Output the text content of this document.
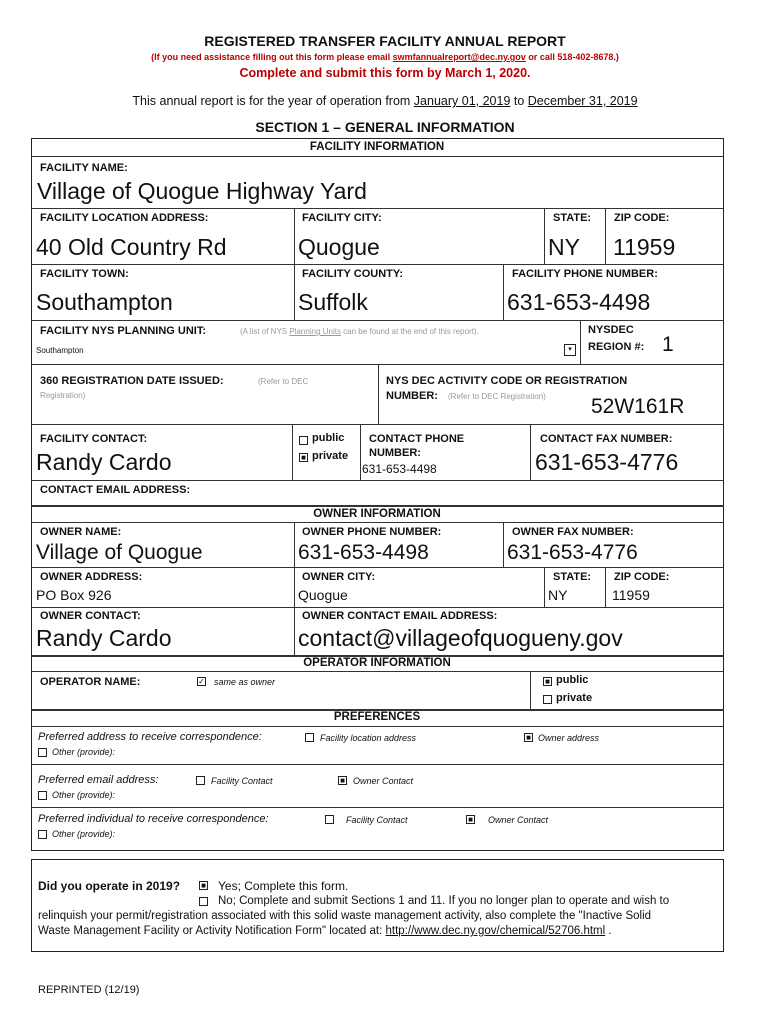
REGISTERED TRANSFER FACILITY ANNUAL REPORT
(If you need assistance filling out this form please email swmfannualreport@dec.ny.gov or call 518-402-8678.)
Complete and submit this form by March 1, 2020.
This annual report is for the year of operation from January 01, 2019 to December 31, 2019
SECTION 1 – GENERAL INFORMATION
FACILITY INFORMATION
FACILITY NAME:
Village of Quogue Highway Yard
FACILITY LOCATION ADDRESS:	FACILITY CITY:	STATE: ZIP CODE:
40 Old Country Rd	Quogue	NY 11959
FACILITY TOWN:	FACILITY COUNTY:	FACILITY PHONE NUMBER:
Southampton	Suffolk	631-653-4498
FACILITY NYS PLANNING UNIT:	(A list of NYS Planning Units can be found at the end of this report).
Southampton	▾
NYSDEC
REGION #: 1
360 REGISTRATION DATE ISSUED:	(Refer to DEC
Registration)
NYS DEC ACTIVITY CODE OR REGISTRATION
NUMBER: (Refer to DEC Registration) 52W161R
FACILITY CONTACT:
Randy Cardo
public
■ private
CONTACT PHONE
NUMBER:
631-653-4498
CONTACT FAX NUMBER:
631-653-4776
CONTACT EMAIL ADDRESS:
OWNER INFORMATION
OWNER NAME:	OWNER PHONE NUMBER:	OWNER FAX NUMBER:
Village of Quogue	631-653-4498	631-653-4776
OWNER ADDRESS:	OWNER CITY:	STATE: ZIP CODE:
PO Box 926	Quogue	NY	11959
OWNER CONTACT:	OWNER CONTACT EMAIL ADDRESS:
Randy Cardo	contact@villageofquogueny.gov
OPERATOR INFORMATION
OPERATOR NAME:	✓ same as owner	■ public
private
PREFERENCES
Preferred address to receive correspondence:	Facility location address	■ Owner address
Other (provide):
Preferred email address:	Facility Contact	■ Owner Contact
Other (provide):
Preferred individual to receive correspondence:	Facility Contact	■ Owner Contact
Other (provide):
Did you operate in 2019?	■ Yes; Complete this form.
No; Complete and submit Sections 1 and 11. If you no longer plan to operate and wish to
relinquish your permit/registration associated with this solid waste management activity, also complete the "Inactive Solid
Waste Management Facility or Activity Notification Form" located at: http://www.dec.ny.gov/chemical/52706.html .
REPRINTED (12/19)
